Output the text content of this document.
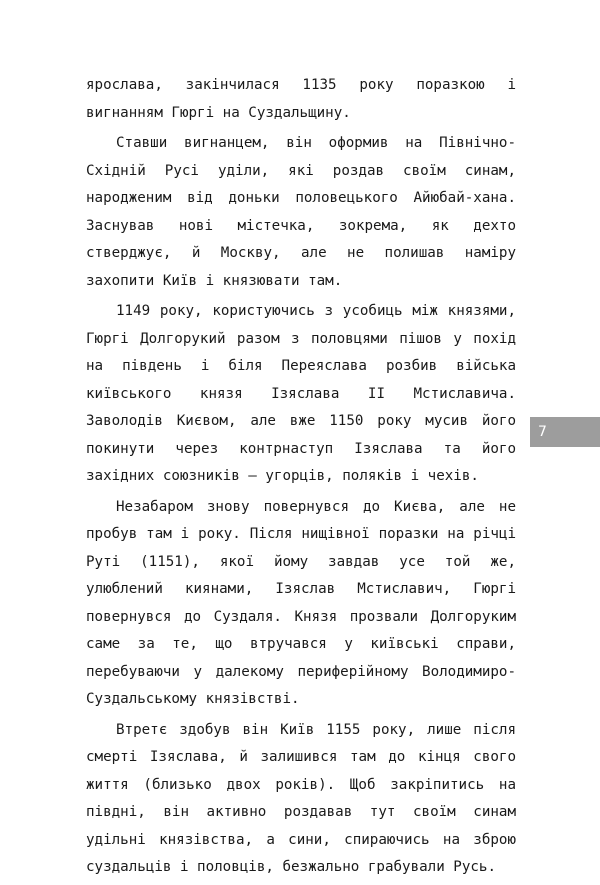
ярослава, закінчилася 1135 року поразкою і вигнанням Гюргі на Суздальщину.

Ставши вигнанцем, він оформив на Північно-Східній Русі уділи, які роздав своїм синам, народженим від доньки половецького Айюбай-хана. Заснував нові містечка, зокрема, як дехто стверджує, й Москву, але не полишав наміру захопити Київ і князювати там.

1149 року, користуючись з усобиць між князями, Гюргі Долгорукий разом з половцями пішов у похід на південь і біля Переяслава розбив війська київського князя Ізяслава ІІ Мстиславича. Заволодів Києвом, але вже 1150 року мусив його покинути через контрнаступ Ізяслава та його західних союзників — угорців, поляків і чехів.

Незабаром знову повернувся до Києва, але не пробув там і року. Після нищівної поразки на річці Руті (1151), якої йому завдав усе той же, улюблений киянами, Ізяслав Мстиславич, Гюргі повернувся до Суздаля. Князя прозвали Долгоруким саме за те, що втручався у київські справи, перебуваючи у далекому периферійному Володимиро-Суздальському князівстві.

Втретє здобув він Київ 1155 року, лише після смерті Ізяслава, й залишився там до кінця свого життя (близько двох років). Щоб закріпитись на півдні, він активно роздавав тут своїм синам удільні князівства, а сини, спираючись на зброю суздальців і половців, безжально грабували Русь.

7
